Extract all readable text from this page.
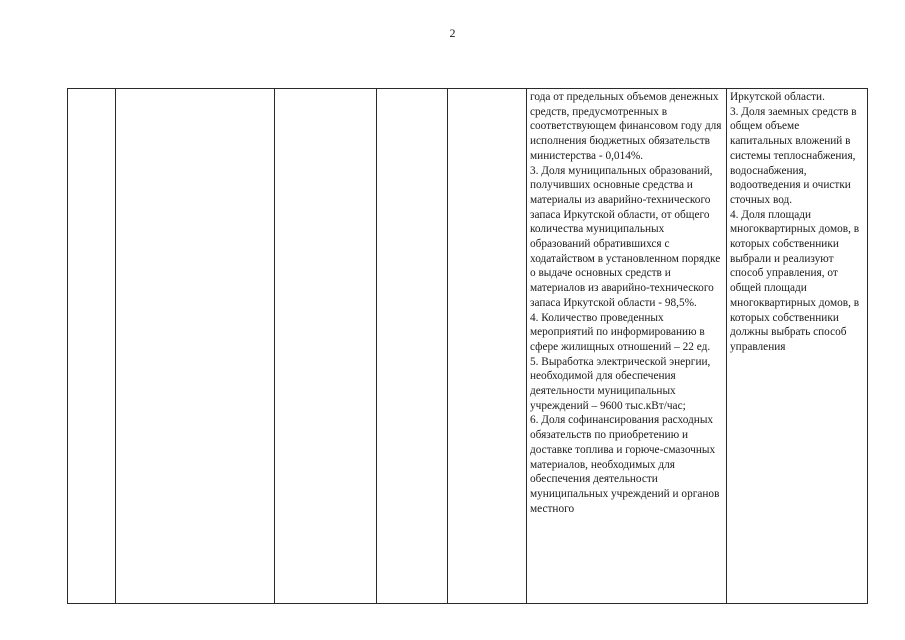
2

года от предельных объемов денежных средств, предусмотренных в соответствующем финансовом году для исполнения бюджетных обязательств министерства - 0,014%.
3. Доля муниципальных образований, получивших основные средства и материалы из аварийно-технического запаса Иркутской области, от общего количества муниципальных образований обратившихся с ходатайством в установленном порядке о выдаче основных средств и материалов из аварийно-технического запаса Иркутской области - 98,5%.
4. Количество проведенных мероприятий по информированию в сфере жилищных отношений – 22 ед.
5. Выработка электрической энергии, необходимой для обеспечения деятельности муниципальных учреждений – 9600 тыс.кВт/час;
6. Доля софинансирования расходных обязательств по приобретению и доставке топлива и горюче-смазочных материалов, необходимых для обеспечения деятельности муниципальных учреждений и органов местного

Иркутской области.
3. Доля заемных средств в общем объеме капитальных вложений в системы теплоснабжения, водоснабжения, водоотведения и очистки сточных вод.
4. Доля площади многоквартирных домов, в которых собственники выбрали и реализуют способ управления, от общей площади многоквартирных домов, в которых собственники должны выбрать способ управления
